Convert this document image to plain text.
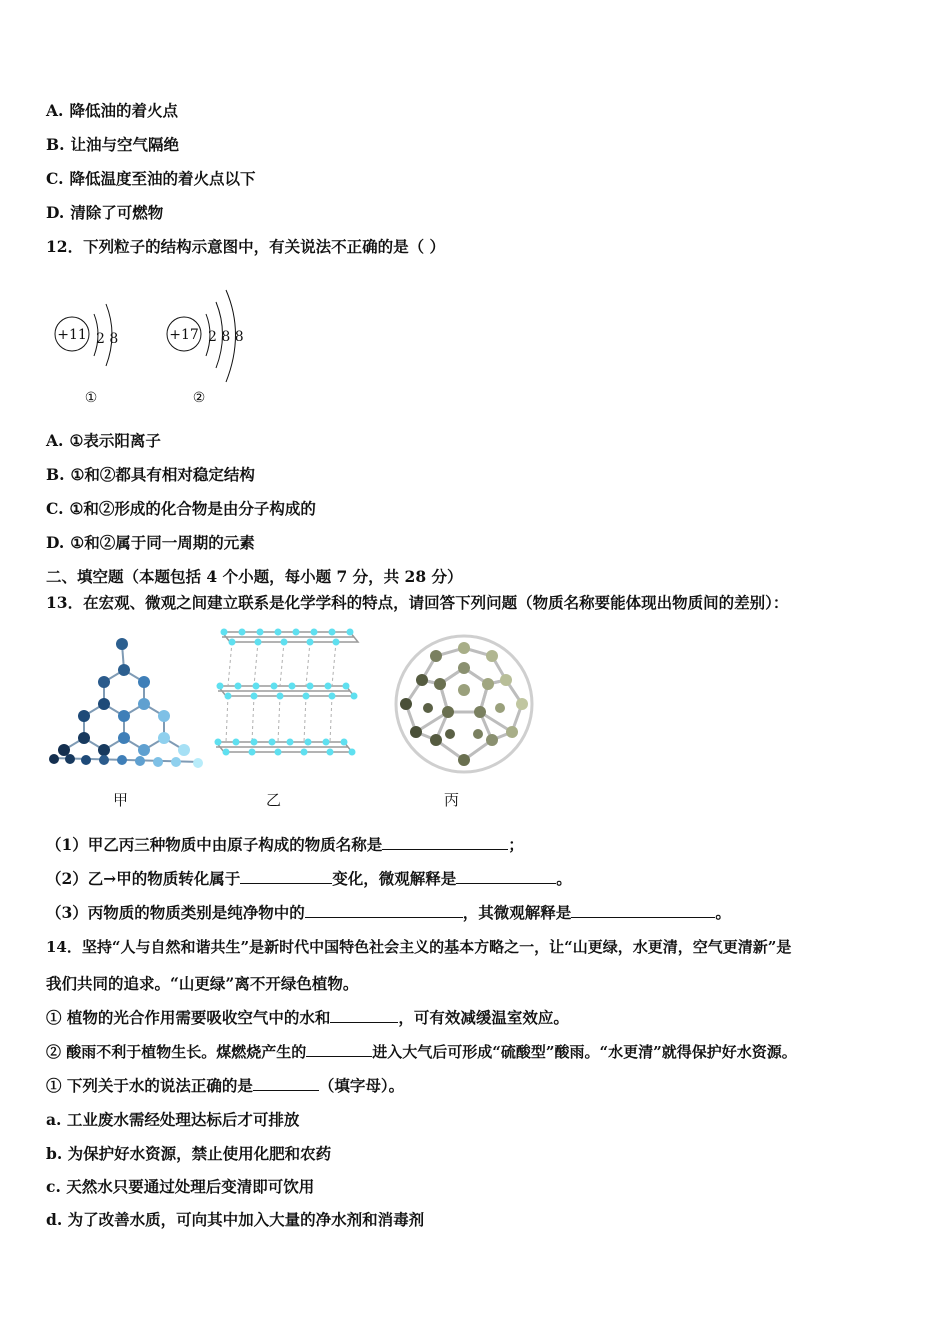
A. 降低油的着火点
B. 让油与空气隔绝
C. 降低温度至油的着火点以下
D. 清除了可燃物
12．下列粒子的结构示意图中，有关说法不正确的是（ ）
+11 2 8
①
+17 2 8 8
②
A. ①表示阳离子
B. ①和②都具有相对稳定结构
C. ①和②形成的化合物是由分子构成的
D. ①和②属于同一周期的元素
二、填空题（本题包括 4 个小题，每小题 7 分，共 28 分）
13．在宏观、微观之间建立联系是化学学科的特点，请回答下列问题（物质名称要能体现出物质间的差别）：
甲	乙	丙
（1）甲乙丙三种物质中由原子构成的物质名称是	；
（2）乙→甲的物质转化属于	变化，微观解释是	。
（3）丙物质的物质类别是纯净物中的	，其微观解释是	。
14．坚持“人与自然和谐共生”是新时代中国特色社会主义的基本方略之一，让“山更绿，水更清，空气更清新”是
我们共同的追求。“山更绿”离不开绿色植物。
① 植物的光合作用需要吸收空气中的水和	，可有效减缓温室效应。
② 酸雨不利于植物生长。煤燃烧产生的	进入大气后可形成“硫酸型”酸雨。“水更清”就得保护好水资源。
① 下列关于水的说法正确的是	（填字母）。
a. 工业废水需经处理达标后才可排放
b. 为保护好水资源，禁止使用化肥和农药
c. 天然水只要通过处理后变清即可饮用
d. 为了改善水质，可向其中加入大量的净水剂和消毒剂
